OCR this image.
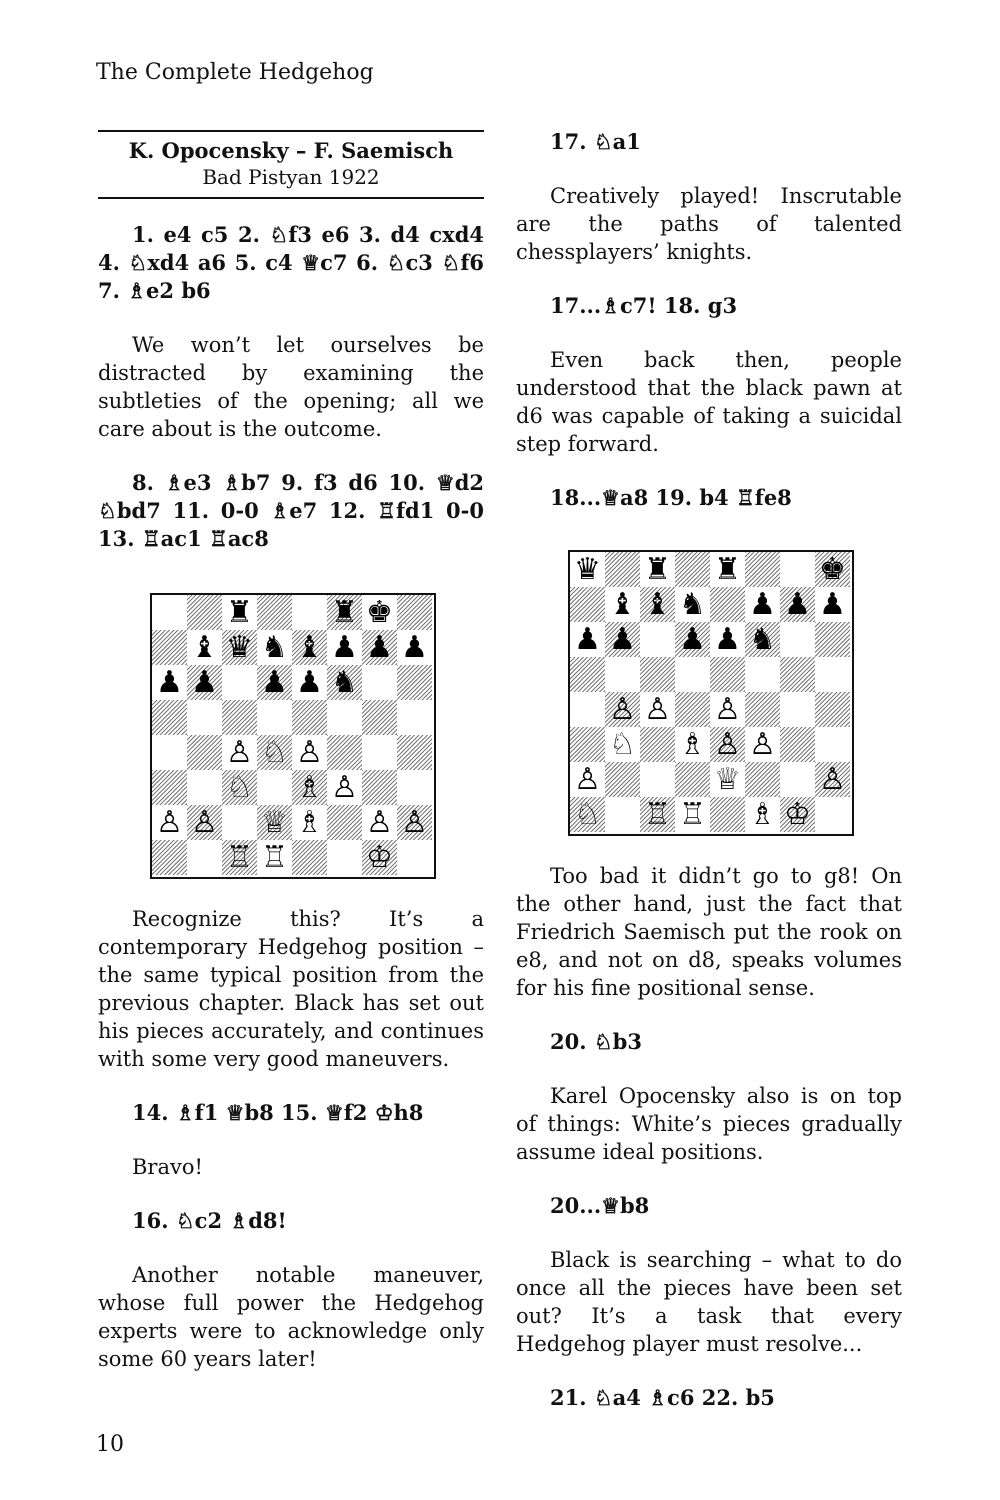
The Complete Hedgehog
K. Opocensky – F. Saemisch
Bad Pistyan 1922

1. e4 c5 2. ♘f3 e6 3. d4 cxd4 4. ♘xd4 a6 5. c4 ♕c7 6. ♘c3 ♘f6 7. ♗e2 b6

We won’t let ourselves be distracted by examining the subtleties of the opening; all we care about is the outcome.

8. ♗e3 ♗b7 9. f3 d6 10. ♕d2 ♘bd7 11. 0-0 ♗e7 12. ♖fd1 0-0 13. ♖ac1 ♖ac8

♜	♜ ♚
♝ ♛ ♞ ♝ ♟ ♟ ♟
♟ ♟ ♟ ♟ ♞
♙ ♘ ♙
♘ ♗ ♙
♙ ♙ ♕ ♗ ♙ ♙
♖ ♖	♔

Recognize this? It’s a contemporary Hedgehog position – the same typical position from the previous chapter. Black has set out his pieces accurately, and continues with some very good maneuvers.

14. ♗f1 ♕b8 15. ♕f2 ♔h8

Bravo!

16. ♘c2 ♗d8!

Another notable maneuver, whose full power the Hedgehog experts were to acknowledge only some 60 years later!

17. ♘a1

Creatively played! Inscrutable are the paths of talented chessplayers’ knights.

17...♗c7! 18. g3

Even back then, people understood that the black pawn at d6 was capable of taking a suicidal step forward.

18...♕a8 19. b4 ♖fe8

♛ ♜ ♜	♚
♝ ♝ ♞ ♟ ♟ ♟
♟ ♟ ♟ ♟ ♞
♙ ♙ ♙
♘ ♗ ♙ ♙
♙	♕	♙
♘ ♖ ♖ ♗ ♔

Too bad it didn’t go to g8! On the other hand, just the fact that Friedrich Saemisch put the rook on e8, and not on d8, speaks volumes for his fine positional sense.

20. ♘b3

Karel Opocensky also is on top of things: White’s pieces gradually assume ideal positions.

20...♕b8

Black is searching – what to do once all the pieces have been set out? It’s a task that every Hedgehog player must resolve...

21. ♘a4 ♗c6 22. b5

10
